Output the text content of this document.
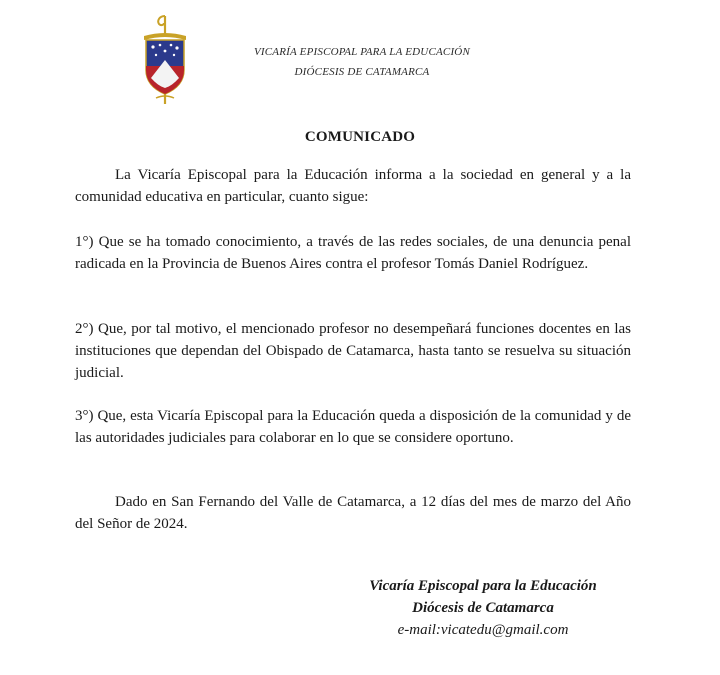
VICARÍA EPISCOPAL PARA LA EDUCACIÓN
DIÓCESIS DE CATAMARCA
COMUNICADO

La Vicaría Episcopal para la Educación informa a la sociedad en general y a la comunidad educativa en particular, cuanto sigue:

1°) Que se ha tomado conocimiento, a través de las redes sociales, de una denuncia penal radicada en la Provincia de Buenos Aires contra el profesor Tomás Daniel Rodríguez.

2°) Que, por tal motivo, el mencionado profesor no desempeñará funciones docentes en las instituciones que dependan del Obispado de Catamarca, hasta tanto se resuelva su situación judicial.

3°) Que, esta Vicaría Episcopal para la Educación queda a disposición de la comunidad y de las autoridades judiciales para colaborar en lo que se considere oportuno.

Dado en San Fernando del Valle de Catamarca, a 12 días del mes de marzo del Año del Señor de 2024.

Vicaría Episcopal para la Educación
Diócesis de Catamarca
e-mail:vicatedu@gmail.com
